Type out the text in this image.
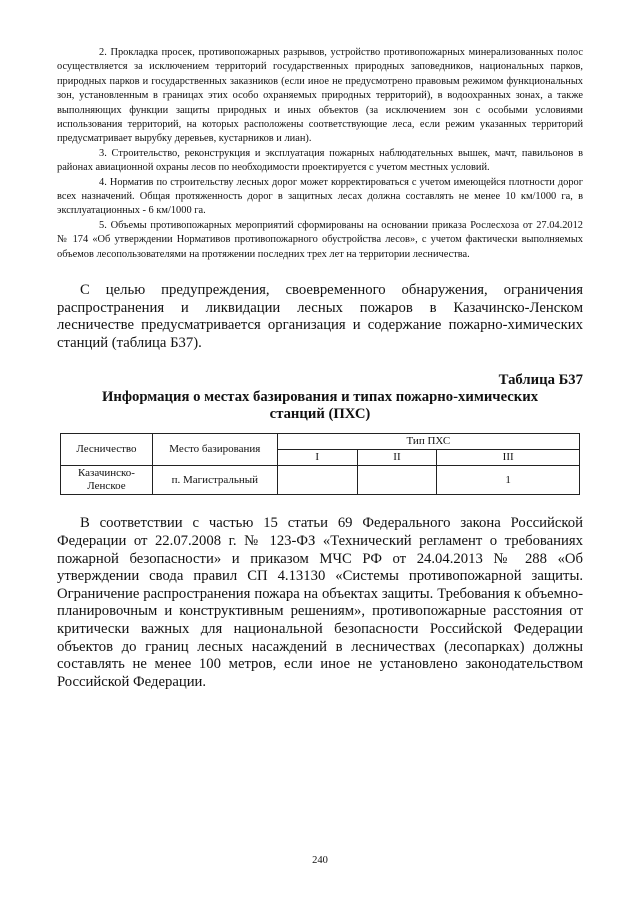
2. Прокладка просек, противопожарных разрывов, устройство противопожарных минерализованных полос осуществляется за исключением территорий государственных природных заповедников, национальных парков, природных парков и государственных заказников (если иное не предусмотрено правовым режимом функциональных зон, установленным в границах этих особо охраняемых природных территорий), в водоохранных зонах, а также выполняющих функции защиты природных и иных объектов (за исключением зон с особыми условиями использования территорий, на которых расположены соответствующие леса, если режим указанных территорий предусматривает вырубку деревьев, кустарников и лиан).

3. Строительство, реконструкция и эксплуатация пожарных наблюдательных вышек, мачт, павильонов в районах авиационной охраны лесов по необходимости проектируется с учетом местных условий.

4. Норматив по строительству лесных дорог может корректироваться с учетом имеющейся плотности дорог всех назначений. Общая протяженность дорог в защитных лесах должна составлять не менее 10 км/1000 га, в эксплуатационных - 6 км/1000 га.

5. Объемы противопожарных мероприятий сформированы на основании приказа Рослесхоза от 27.04.2012 № 174 «Об утверждении Нормативов противопожарного обустройства лесов», с учетом фактически выполняемых объемов лесопользователями на протяжении последних трех лет на территории лесничества.

С целью предупреждения, своевременного обнаружения, ограничения распространения и ликвидации лесных пожаров в Казачинско-Ленском лесничестве предусматривается организация и содержание пожарно-химических станций (таблица Б37).

Таблица Б37
Информация о местах базирования и типах пожарно-химических станций (ПХС)
Лесничество	Место базирования	Тип ПХС		
		I	II	III
Казачинско-Ленское	п. Магистральный			1

В соответствии с частью 15 статьи 69 Федерального закона Российской Федерации от 22.07.2008 г. № 123-ФЗ «Технический регламент о требованиях пожарной безопасности» и приказом МЧС РФ от 24.04.2013 № 288 «Об утверждении свода правил СП 4.13130 «Системы противопожарной защиты. Ограничение распространения пожара на объектах защиты. Требования к объемно-планировочным и конструктивным решениям», противопожарные расстояния от критически важных для национальной безопасности Российской Федерации объектов до границ лесных насаждений в лесничествах (лесопарках) должны составлять не менее 100 метров, если иное не установлено законодательством Российской Федерации.

240
